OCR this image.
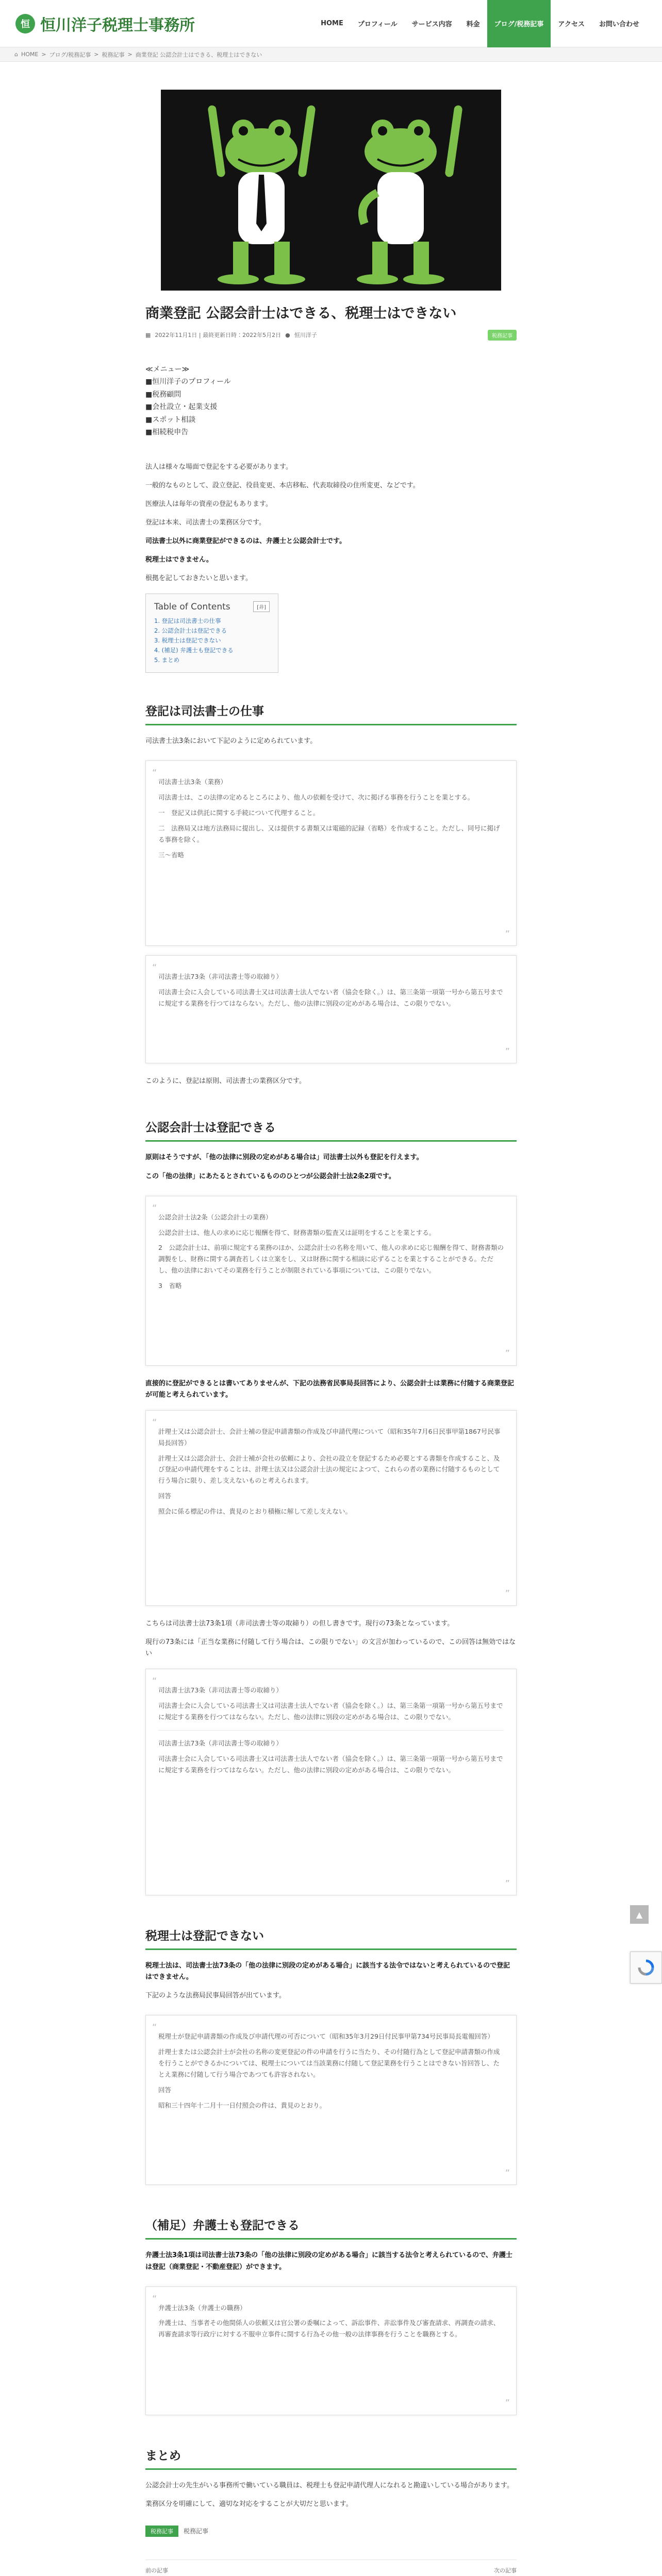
恒 恒川洋子税理士事務所	HOME	プロフィール	サービス内容	料金	ブログ/税務記事	アクセス	お問い合わせ
⌂ HOME > ブログ/税務記事 > 税務記事 > 商業登記 公認会計士はできる、税理士はできない
商業登記 公認会計士はできる、税理士はできない
▦ 2022年11月1日 | 最終更新日時：2022年5月2日 ● 恒川洋子	税務記事
≪メニュー≫
■恒川洋子のプロフィール
■税務顧問
■会社設立・起業支援
■スポット相談
■相続税申告

法人は様々な場面で登記をする必要があります。

一般的なものとして、設立登記、役員変更、本店移転、代表取締役の住所変更、などです。

医療法人は毎年の資産の登記もあります。

登記は本来、司法書士の業務区分です。

司法書士以外に商業登記ができるのは、弁護士と公認会計士です。

税理士はできません。

根拠を記しておきたいと思います。

Table of Contents	[非]
1. 登記は司法書士の仕事
2. 公認会計士は登記できる
3. 税理士は登記できない
4. (補足) 弁護士も登記できる
5. まとめ
登記は司法書士の仕事

司法書士法3条において下記のように定められています。

“

司法書士法3条（業務）

司法書士は、この法律の定めるところにより、他人の依頼を受けて、次に掲げる事務を行うことを業とする。

一　登記又は供託に関する手続について代理すること。

二　法務局又は地方法務局に提出し、又は提供する書類又は電磁的記録（省略）を作成すること。ただし、同号に掲げる事務を除く。

三〜省略

”
“

司法書士法73条（非司法書士等の取締り）

司法書士会に入会している司法書士又は司法書士法人でない者（協会を除く。）は、第三条第一項第一号から第五号までに規定する業務を行つてはならない。ただし、他の法律に別段の定めがある場合は、この限りでない。

”

このように、登記は原則、司法書士の業務区分です。

公認会計士は登記できる

原則はそうですが、「他の法律に別段の定めがある場合は」司法書士以外も登記を行えます。

この「他の法律」にあたるとされているもののひとつが公認会計士法2条2項です。

“

公認会計士法2条（公認会計士の業務）

公認会計士は、他人の求めに応じ報酬を得て、財務書類の監査又は証明をすることを業とする。

2　公認会計士は、前項に規定する業務のほか、公認会計士の名称を用いて、他人の求めに応じ報酬を得て、財務書類の調製をし、財務に関する調査若しくは立案をし、又は財務に関する相談に応ずることを業とすることができる。ただし、他の法律においてその業務を行うことが制限されている事項については、この限りでない。

3　省略

”

直接的に登記ができるとは書いてありませんが、下記の法務省民事局長回答により、公認会計士は業務に付随する商業登記が可能と考えられています。

“

計理士又は公認会計士、会計士補の登記申請書類の作成及び申請代理について（昭和35年7月6日民事甲第1867号民事局長回答）

計理士又は公認会計士、会計士補が会社の依頼により、会社の設立を登記するため必要とする書類を作成すること、及び登記の申請代理をすることは、計理士法又は公認会計士法の規定によつて、これらの者の業務に付随するものとして行う場合に限り、差し支えないものと考えられます。

回答

照会に係る標記の件は、貴見のとおり積極に解して差し支えない。

”

こちらは司法書士法73条1項（非司法書士等の取締り）の但し書きです。現行の73条となっています。

現行の73条には「正当な業務に付随して行う場合は、この限りでない」の文言が加わっているので、この回答は無効ではない

“

司法書士法73条（非司法書士等の取締り）

司法書士会に入会している司法書士又は司法書士法人でない者（協会を除く。）は、第三条第一項第一号から第五号までに規定する業務を行つてはならない。ただし、他の法律に別段の定めがある場合は、この限りでない。

司法書士法73条（非司法書士等の取締り）

司法書士会に入会している司法書士又は司法書士法人でない者（協会を除く。）は、第三条第一項第一号から第五号までに規定する業務を行つてはならない。ただし、他の法律に別段の定めがある場合は、この限りでない。

”
税理士は登記できない

税理士法は、司法書士法73条の「他の法律に別段の定めがある場合」に該当する法令ではないと考えられているので登記はできません。

下記のような法務局民事局回答が出ています。

“

税理士が登記申請書類の作成及び申請代理の可否について（昭和35年3月29日付民事甲第734号民事局長電報回答）

計理士または公認会計士が会社の名称の変更登記の件の申請を行うに当たり、その付随行為として登記申請書類の作成を行うことができるかについては、税理士については当該業務に付随して登記業務を行うことはできない旨回答し、たとえ業務に付随して行う場合であつても許容されない。

回答

昭和三十四年十二月十一日付照会の件は、貴見のとおり。

”
（補足）弁護士も登記できる

弁護士法3条1項は司法書士法73条の「他の法律に別段の定めがある場合」に該当する法令と考えられているので、弁護士は登記（商業登記・不動産登記）ができます。

“

弁護士法3条（弁護士の職務）

弁護士は、当事者その他関係人の依頼又は官公署の委嘱によって、訴訟事件、非訟事件及び審査請求、再調査の請求、再審査請求等行政庁に対する不服申立事件に関する行為その他一般の法律事務を行うことを職務とする。

”
まとめ

公認会計士の先生がいる事務所で働いている職員は、税理士も登記申請代理人になれると勘違いしている場合があります。

業務区分を明確にして、適切な対応をすることが大切だと思います。

税務記事	税務記事
前の記事	次の記事
▲
